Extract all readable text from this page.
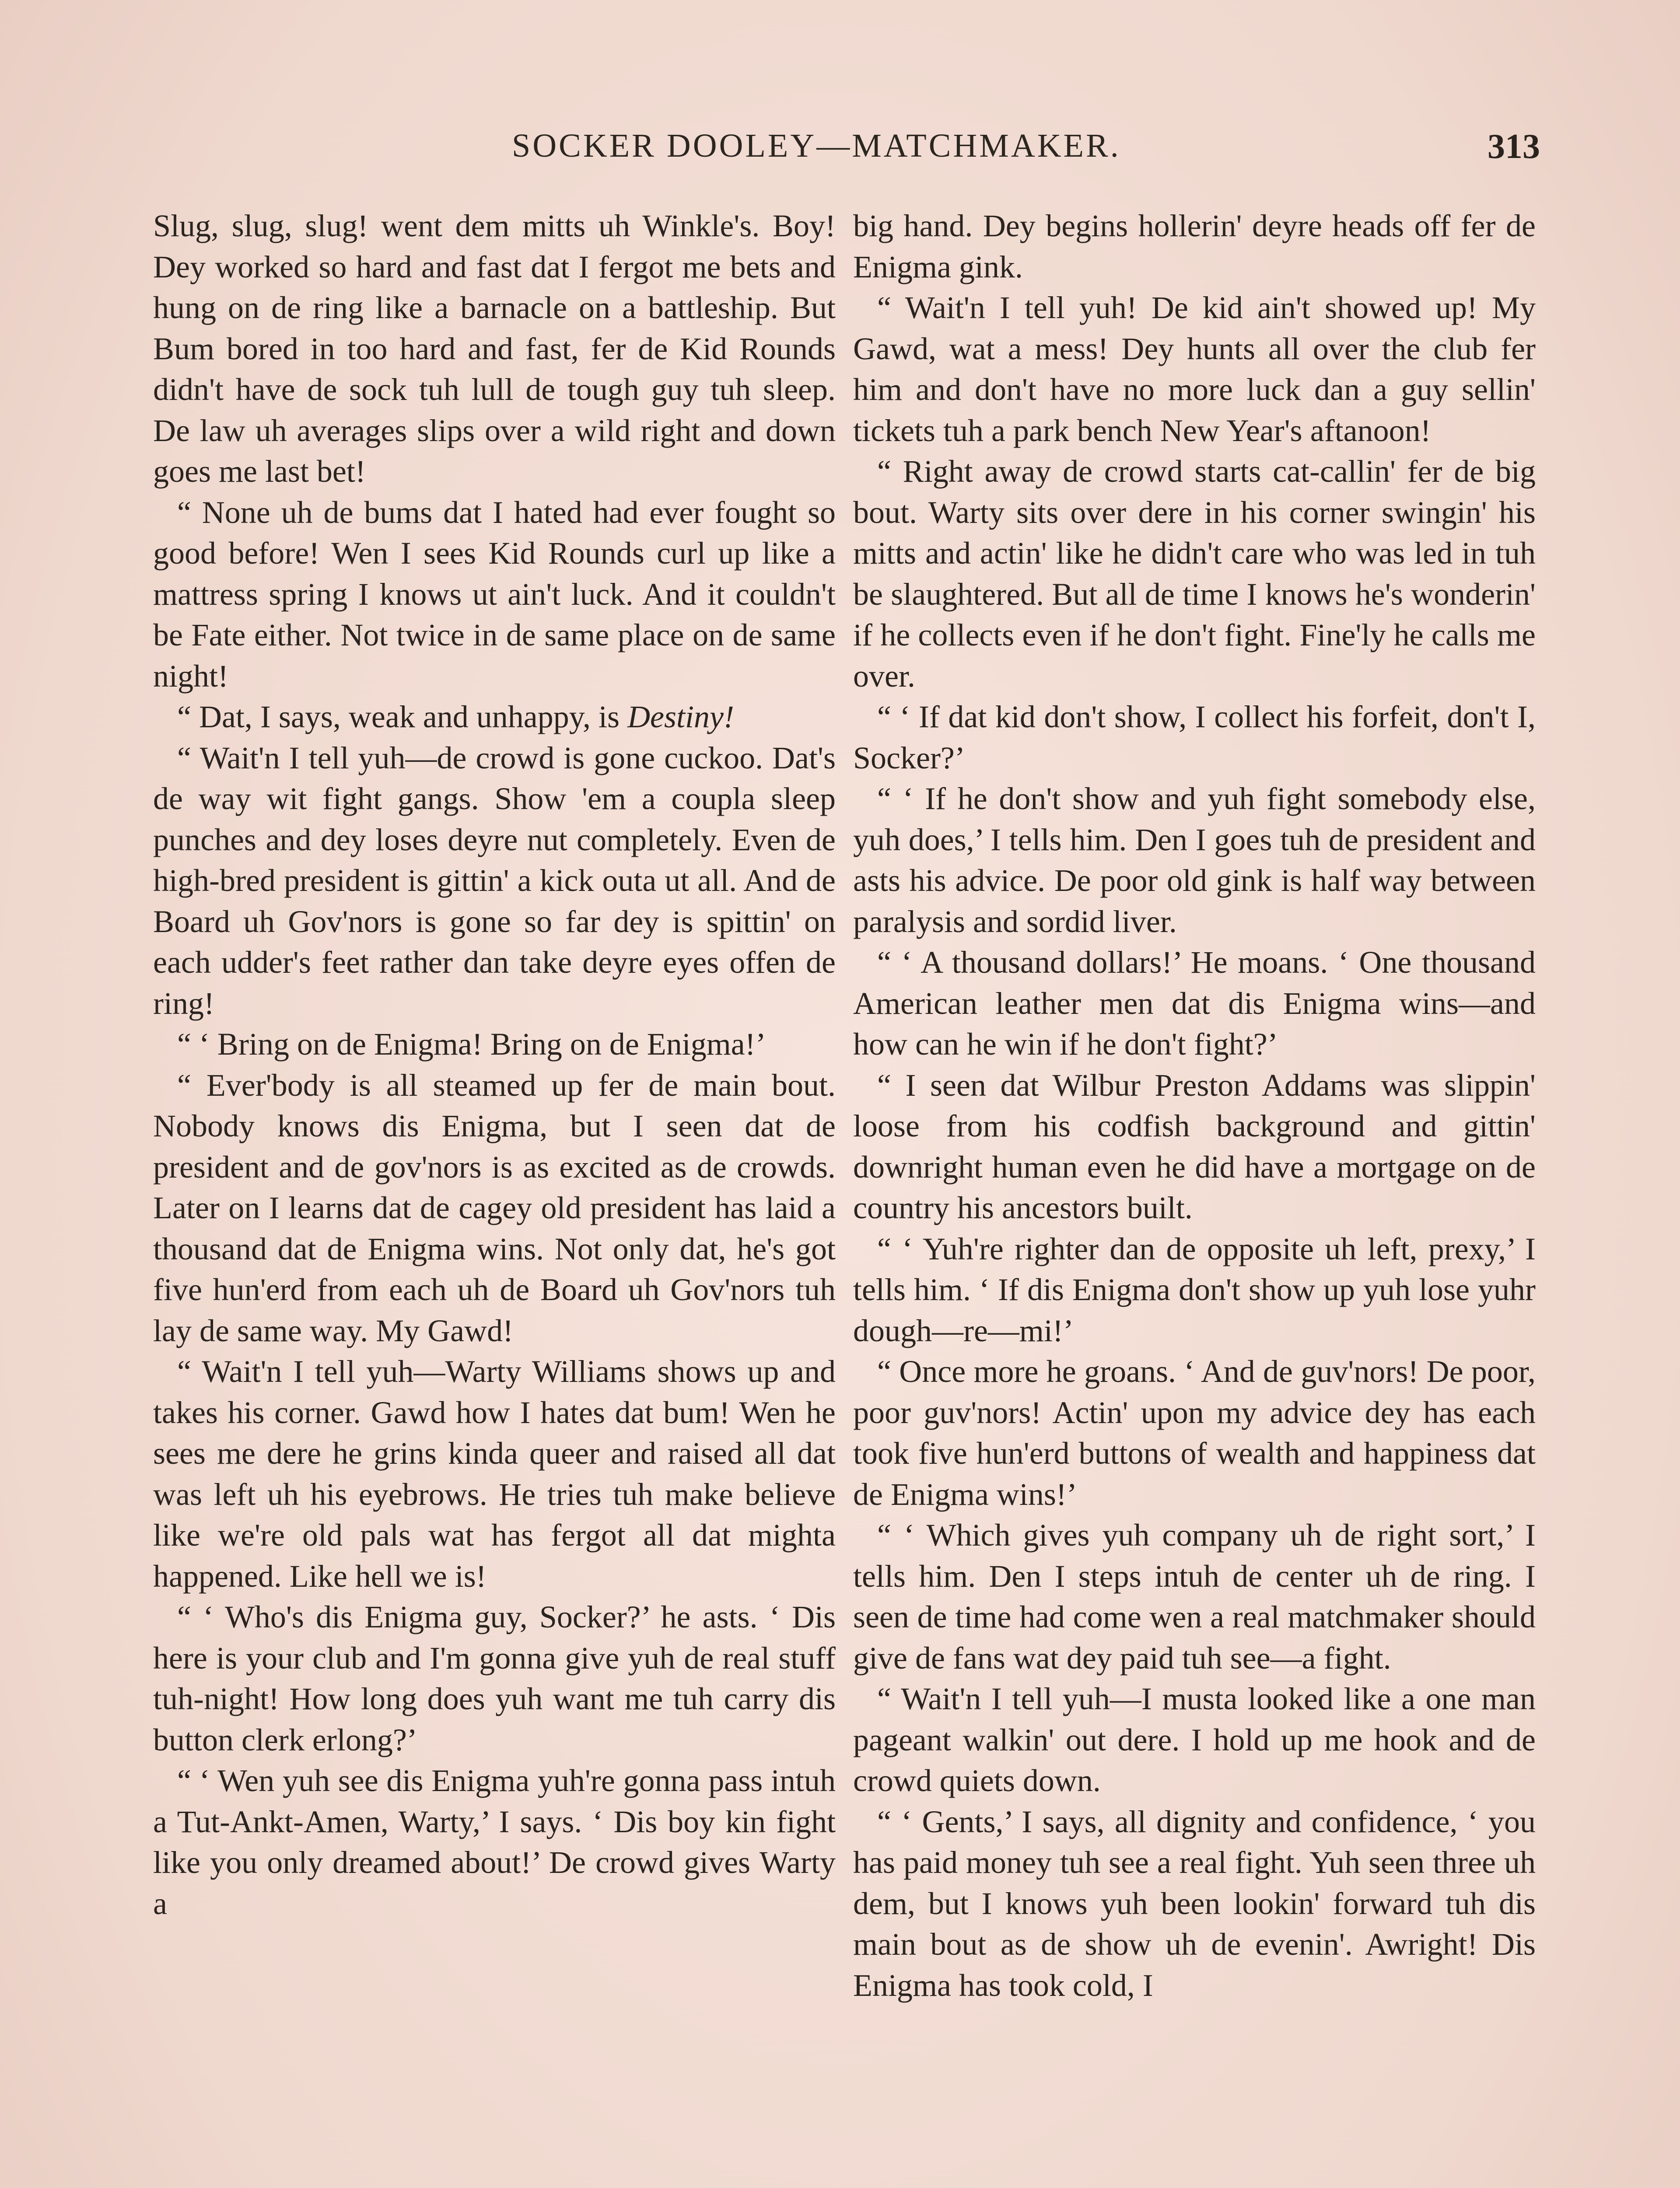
SOCKER DOOLEY—MATCHMAKER.	313

Slug, slug, slug! went dem mitts uh Winkle's. Boy! Dey worked so hard and fast dat I fergot me bets and hung on de ring like a barnacle on a battleship. But Bum bored in too hard and fast, fer de Kid Rounds didn't have de sock tuh lull de tough guy tuh sleep. De law uh averages slips over a wild right and down goes me last bet!

“ None uh de bums dat I hated had ever fought so good before! Wen I sees Kid Rounds curl up like a mattress spring I knows ut ain't luck. And it couldn't be Fate either. Not twice in de same place on de same night!

“ Dat, I says, weak and unhappy, is Destiny!

“ Wait'n I tell yuh—de crowd is gone cuckoo. Dat's de way wit fight gangs. Show 'em a coupla sleep punches and dey loses deyre nut completely. Even de high-bred president is gittin' a kick outa ut all. And de Board uh Gov'nors is gone so far dey is spittin' on each udder's feet rather dan take deyre eyes offen de ring!

“ ‘ Bring on de Enigma! Bring on de Enigma!’

“ Ever'body is all steamed up fer de main bout. Nobody knows dis Enigma, but I seen dat de president and de gov'nors is as excited as de crowds. Later on I learns dat de cagey old president has laid a thousand dat de Enigma wins. Not only dat, he's got five hun'erd from each uh de Board uh Gov'nors tuh lay de same way. My Gawd!

“ Wait'n I tell yuh—Warty Williams shows up and takes his corner. Gawd how I hates dat bum! Wen he sees me dere he grins kinda queer and raised all dat was left uh his eyebrows. He tries tuh make believe like we're old pals wat has fergot all dat mighta happened. Like hell we is!

“ ‘ Who's dis Enigma guy, Socker?’ he asts. ‘ Dis here is your club and I'm gonna give yuh de real stuff tuh-night! How long does yuh want me tuh carry dis button clerk erlong?’

“ ‘ Wen yuh see dis Enigma yuh're gonna pass intuh a Tut-Ankt-Amen, Warty,’ I says. ‘ Dis boy kin fight like you only dreamed about!’ De crowd gives Warty a

big hand. Dey begins hollerin' deyre heads off fer de Enigma gink.

“ Wait'n I tell yuh! De kid ain't showed up! My Gawd, wat a mess! Dey hunts all over the club fer him and don't have no more luck dan a guy sellin' tickets tuh a park bench New Year's aftanoon!

“ Right away de crowd starts cat-callin' fer de big bout. Warty sits over dere in his corner swingin' his mitts and actin' like he didn't care who was led in tuh be slaughtered. But all de time I knows he's wonderin' if he collects even if he don't fight. Fine'ly he calls me over.

“ ‘ If dat kid don't show, I collect his forfeit, don't I, Socker?’

“ ‘ If he don't show and yuh fight somebody else, yuh does,’ I tells him. Den I goes tuh de president and asts his advice. De poor old gink is half way between paralysis and sordid liver.

“ ‘ A thousand dollars!’ He moans. ‘ One thousand American leather men dat dis Enigma wins—and how can he win if he don't fight?’

“ I seen dat Wilbur Preston Addams was slippin' loose from his codfish background and gittin' downright human even he did have a mortgage on de country his ancestors built.

“ ‘ Yuh're righter dan de opposite uh left, prexy,’ I tells him. ‘ If dis Enigma don't show up yuh lose yuhr dough—re—mi!’

“ Once more he groans. ‘ And de guv'nors! De poor, poor guv'nors! Actin' upon my advice dey has each took five hun'erd buttons of wealth and happiness dat de Enigma wins!’

“ ‘ Which gives yuh company uh de right sort,’ I tells him. Den I steps intuh de center uh de ring. I seen de time had come wen a real matchmaker should give de fans wat dey paid tuh see—a fight.

“ Wait'n I tell yuh—I musta looked like a one man pageant walkin' out dere. I hold up me hook and de crowd quiets down.

“ ‘ Gents,’ I says, all dignity and confidence, ‘ you has paid money tuh see a real fight. Yuh seen three uh dem, but I knows yuh been lookin' forward tuh dis main bout as de show uh de evenin'. Awright! Dis Enigma has took cold, I
